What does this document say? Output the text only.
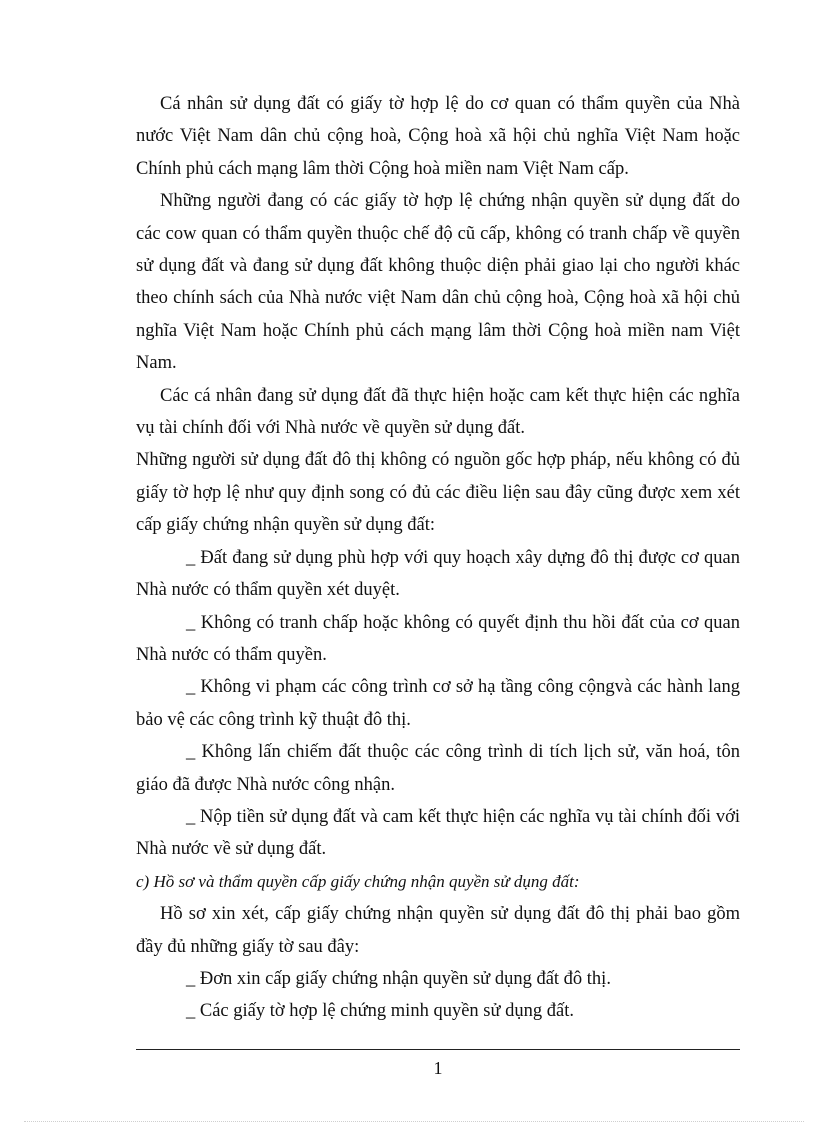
Cá nhân sử dụng đất có giấy tờ hợp lệ do cơ quan có thẩm quyền của Nhà nước Việt Nam dân chủ cộng hoà, Cộng hoà xã hội chủ nghĩa Việt Nam hoặc Chính phủ cách mạng lâm thời Cộng hoà miền nam Việt Nam cấp.

Những người đang có các giấy tờ hợp lệ chứng nhận quyền sử dụng đất do các cow quan có thẩm quyền thuộc chế độ cũ cấp, không có tranh chấp về quyền sử dụng đất và đang sử dụng đất không thuộc diện phải giao lại cho người khác theo chính sách của Nhà nước việt Nam dân chủ cộng hoà, Cộng hoà xã hội chủ nghĩa Việt Nam hoặc Chính phủ cách mạng lâm thời Cộng hoà miền nam Việt Nam.

Các cá nhân đang sử dụng đất đã thực hiện hoặc cam kết thực hiện các nghĩa vụ tài chính đối với Nhà nước về quyền sử dụng đất.

Những người sử dụng đất đô thị không có nguồn gốc hợp pháp, nếu không có đủ giấy tờ hợp lệ như quy định song có đủ các điều liện sau đây cũng được xem xét cấp giấy chứng nhận quyền sử dụng đất:

_ Đất đang sử dụng phù hợp với quy hoạch xây dựng đô thị được cơ quan Nhà nước có thẩm quyền xét duyệt.

_ Không có tranh chấp hoặc không có quyết định thu hồi đất của cơ quan Nhà nước có thẩm quyền.

_ Không vi phạm các công trình cơ sở hạ tầng công cộngvà các hành lang bảo vệ các công trình kỹ thuật đô thị.

_ Không lấn chiếm đất thuộc các công trình di tích lịch sử, văn hoá, tôn giáo đã được Nhà nước công nhận.

_ Nộp tiền sử dụng đất và cam kết thực hiện các nghĩa vụ tài chính đối với Nhà nước về sử dụng đất.

c) Hồ sơ và thẩm quyền cấp giấy chứng nhận quyền sử dụng đất:

Hồ sơ xin xét, cấp giấy chứng nhận quyền sử dụng đất đô thị phải bao gồm đầy đủ những giấy tờ sau đây:

_ Đơn xin cấp giấy chứng nhận quyền sử dụng đất đô thị.

_ Các giấy tờ hợp lệ chứng minh quyền sử dụng đất.

1
